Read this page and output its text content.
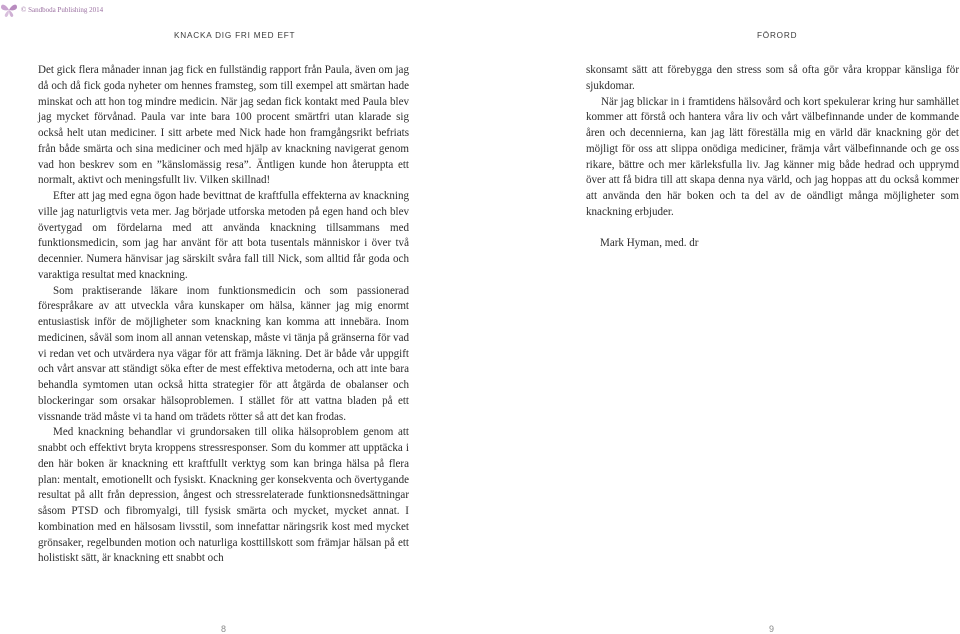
© Sandboda Publishing 2014
KNACKA DIG FRI MED EFT

Det gick flera månader innan jag fick en fullständig rapport från Paula, även om jag då och då fick goda nyheter om hennes framsteg, som till exempel att smärtan hade minskat och att hon tog mindre medicin. När jag sedan fick kontakt med Paula blev jag mycket förvånad. Paula var inte bara 100 procent smärtfri utan klarade sig också helt utan mediciner. I sitt arbete med Nick hade hon framgångsrikt befriats från både smärta och sina mediciner och med hjälp av knackning navigerat genom vad hon beskrev som en ”känslomässig resa”. Äntligen kunde hon återuppta ett normalt, aktivt och meningsfullt liv. Vilken skillnad!

Efter att jag med egna ögon hade bevittnat de kraftfulla effekterna av knackning ville jag naturligtvis veta mer. Jag började utforska metoden på egen hand och blev övertygad om fördelarna med att använda knackning tillsammans med funktionsmedicin, som jag har använt för att bota tusentals människor i över två decennier. Numera hänvisar jag särskilt svåra fall till Nick, som alltid får goda och varaktiga resultat med knackning.

Som praktiserande läkare inom funktionsmedicin och som passionerad förespråkare av att utveckla våra kunskaper om hälsa, känner jag mig enormt entusiastisk inför de möjligheter som knackning kan komma att innebära. Inom medicinen, såväl som inom all annan vetenskap, måste vi tänja på gränserna för vad vi redan vet och utvärdera nya vägar för att främja läkning. Det är både vår uppgift och vårt ansvar att ständigt söka efter de mest effektiva metoderna, och att inte bara behandla symtomen utan också hitta strategier för att åtgärda de obalanser och blockeringar som orsakar hälsoproblemen. I stället för att vattna bladen på ett vissnande träd måste vi ta hand om trädets rötter så att det kan frodas.

Med knackning behandlar vi grundorsaken till olika hälsoproblem genom att snabbt och effektivt bryta kroppens stressresponser. Som du kommer att upptäcka i den här boken är knackning ett kraftfullt verktyg som kan bringa hälsa på flera plan: mentalt, emotionellt och fysiskt. Knackning ger konsekventa och övertygande resultat på allt från depression, ångest och stressrelaterade funktionsnedsättningar såsom PTSD och fibromyalgi, till fysisk smärta och mycket, mycket annat. I kombination med en hälsosam livsstil, som innefattar näringsrik kost med mycket grönsaker, regelbunden motion och naturliga kosttillskott som främjar hälsan på ett holistiskt sätt, är knackning ett snabbt och

8
FÖRORD

skonsamt sätt att förebygga den stress som så ofta gör våra kroppar känsliga för sjukdomar.

När jag blickar in i framtidens hälsovård och kort spekulerar kring hur samhället kommer att förstå och hantera våra liv och vårt välbefinnande under de kommande åren och decennierna, kan jag lätt föreställa mig en värld där knackning gör det möjligt för oss att slippa onödiga mediciner, främja vårt välbefinnande och ge oss rikare, bättre och mer kärleksfulla liv. Jag känner mig både hedrad och upprymd över att få bidra till att skapa denna nya värld, och jag hoppas att du också kommer att använda den här boken och ta del av de oändligt många möjligheter som knackning erbjuder.

Mark Hyman, med. dr

9
